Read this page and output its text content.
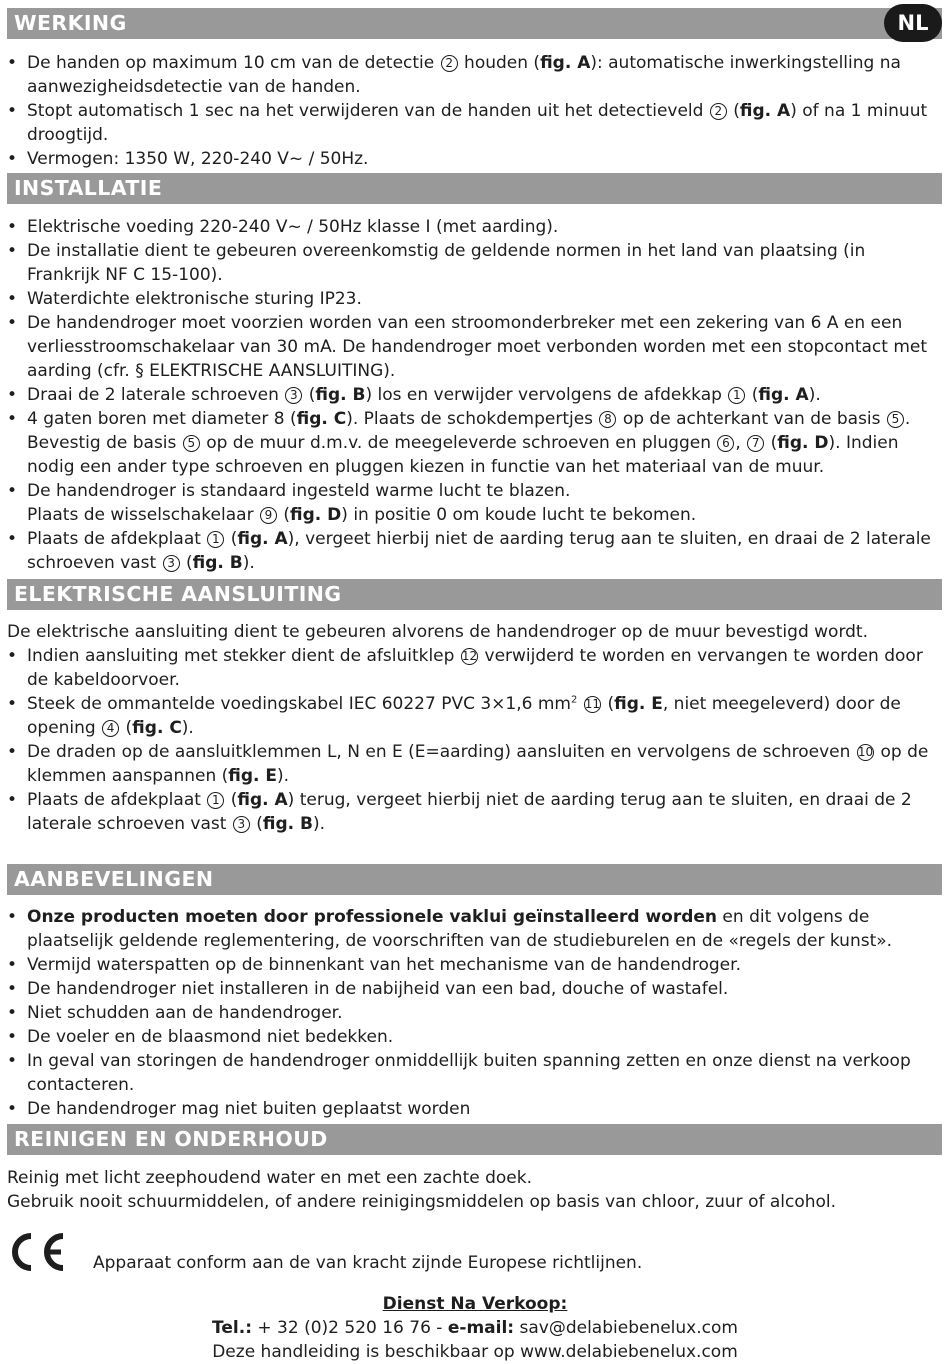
NL
WERKING
• De handen op maximum 10 cm van de detectie 2 houden (fig. A): automatische inwerkingstelling na aanwezigheidsdetectie van de handen.
• Stopt automatisch 1 sec na het verwijderen van de handen uit het detectieveld 2 (fig. A) of na 1 minuut droogtijd.
• Vermogen: 1350 W, 220-240 V~ / 50Hz.
INSTALLATIE
• Elektrische voeding 220-240 V~ / 50Hz klasse I (met aarding).
• De installatie dient te gebeuren overeenkomstig de geldende normen in het land van plaatsing (in Frankrijk NF C 15-100).
• Waterdichte elektronische sturing IP23.
• De handendroger moet voorzien worden van een stroomonderbreker met een zekering van 6 A en een verliesstroomschakelaar van 30 mA. De handendroger moet verbonden worden met een stopcontact met aarding (cfr. § ELEKTRISCHE AANSLUITING).
• Draai de 2 laterale schroeven 3 (fig. B) los en verwijder vervolgens de afdekkap 1 (fig. A).
• 4 gaten boren met diameter 8 (fig. C). Plaats de schokdempertjes 8 op de achterkant van de basis 5 . Bevestig de basis 5 op de muur d.m.v. de meegeleverde schroeven en pluggen 6 , 7 (fig. D). Indien nodig een ander type schroeven en pluggen kiezen in functie van het materiaal van de muur.
• De handendroger is standaard ingesteld warme lucht te blazen.
Plaats de wisselschakelaar 9 (fig. D) in positie 0 om koude lucht te bekomen.
• Plaats de afdekplaat 1 (fig. A), vergeet hierbij niet de aarding terug aan te sluiten, en draai de 2 laterale schroeven vast 3 (fig. B).
ELEKTRISCHE AANSLUITING

De elektrische aansluiting dient te gebeuren alvorens de handendroger op de muur bevestigd wordt.

• Indien aansluiting met stekker dient de afsluitklep 12 verwijderd te worden en vervangen te worden door de kabeldoorvoer.
• Steek de ommantelde voedingskabel IEC 60227 PVC 3×1,6 $mm^2$ 11 (fig. E, niet meegeleverd) door de opening 4 (fig. C).
• De draden op de aansluitklemmen L, N en E (E=aarding) aansluiten en vervolgens de schroeven 10 op de klemmen aanspannen (fig. E).
• Plaats de afdekplaat 1 (fig. A) terug, vergeet hierbij niet de aarding terug aan te sluiten, en draai de 2 laterale schroeven vast 3 (fig. B).
AANBEVELINGEN
• Onze producten moeten door professionele vaklui geïnstalleerd worden en dit volgens de plaatselijk geldende reglementering, de voorschriften van de studieburelen en de «regels der kunst».
• Vermijd waterspatten op de binnenkant van het mechanisme van de handendroger.
• De handendroger niet installeren in de nabijheid van een bad, douche of wastafel.
• Niet schudden aan de handendroger.
• De voeler en de blaasmond niet bedekken.
• In geval van storingen de handendroger onmiddellijk buiten spanning zetten en onze dienst na verkoop contacteren.
• De handendroger mag niet buiten geplaatst worden
REINIGEN EN ONDERHOUD

Reinig met licht zeephoudend water en met een zachte doek.

Gebruik nooit schuurmiddelen, of andere reinigingsmiddelen op basis van chloor, zuur of alcohol.

Apparaat conform aan de van kracht zijnde Europese richtlijnen.
Dienst Na Verkoop:
Tel.: + 32 (0)2 520 16 76 - e-mail: sav@delabiebenelux.com
Deze handleiding is beschikbaar op www.delabiebenelux.com
